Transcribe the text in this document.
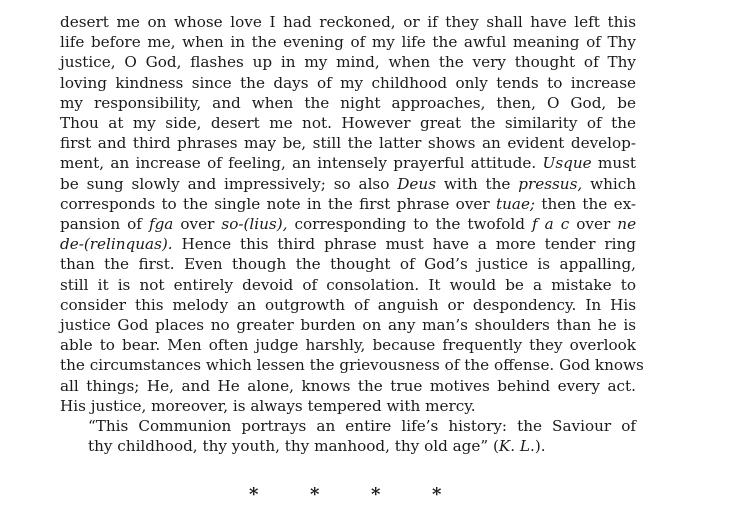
desert me on whose love I had reckoned, or if they shall have left this
life before me, when in the evening of my life the awful meaning of Thy
justice, O God, flashes up in my mind, when the very thought of Thy
loving kindness since the days of my childhood only tends to increase
my responsibility, and when the night approaches, then, O God, be
Thou at my side, desert me not. However great the similarity of the
first and third phrases may be, still the latter shows an evident develop-
ment, an increase of feeling, an intensely prayerful attitude. Usque must
be sung slowly and impressively; so also Deus with the pressus, which
corresponds to the single note in the first phrase over tuae; then the ex-
pansion of fga over so-(lius), corresponding to the twofold f a c over ne
de-(relinquas). Hence this third phrase must have a more tender ring
than the first. Even though the thought of God’s justice is appalling,
still it is not entirely devoid of consolation. It would be a mistake to
consider this melody an outgrowth of anguish or despondency. In His
justice God places no greater burden on any man’s shoulders than he is
able to bear. Men often judge harshly, because frequently they overlook
the circumstances which lessen the grievousness of the offense. God knows
all things; He, and He alone, knows the true motives behind every act.
His justice, moreover, is always tempered with mercy.

“This Communion portrays an entire life’s history: the Saviour of
thy childhood, thy youth, thy manhood, thy old age” (K. L.).

*	*	*	*
